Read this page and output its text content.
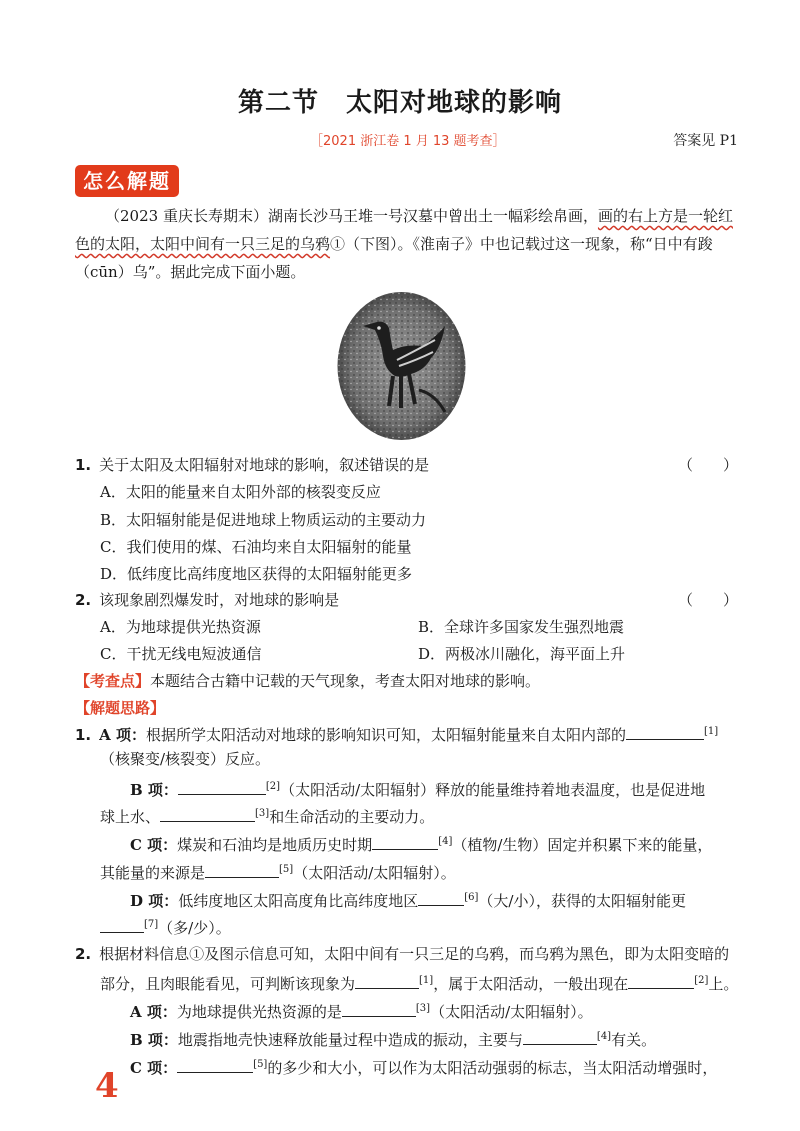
第二节　太阳对地球的影响
［2021 浙江卷 1 月 13 题考查］	答案见 P1
怎么解题
（2023 重庆长寿期末）湖南长沙马王堆一号汉墓中曾出土一幅彩绘帛画，画的右上方是一轮红色的太阳，太阳中间有一只三足的乌鸦①（下图）。《淮南子》中也记载过这一现象，称“日中有踆（cūn）乌”。据此完成下面小题。
1. 关于太阳及太阳辐射对地球的影响，叙述错误的是	（　　）
A．太阳的能量来自太阳外部的核裂变反应
B．太阳辐射能是促进地球上物质运动的主要动力
C．我们使用的煤、石油均来自太阳辐射的能量
D．低纬度比高纬度地区获得的太阳辐射能更多
2. 该现象剧烈爆发时，对地球的影响是	（　　）
A．为地球提供光热资源	B．全球许多国家发生强烈地震
C．干扰无线电短波通信	D．两极冰川融化，海平面上升
【考查点】本题结合古籍中记载的天气现象，考查太阳对地球的影响。
【解题思路】
1. A 项：根据所学太阳活动对地球的影响知识可知，太阳辐射能量来自太阳内部的	[1]
（核聚变/核裂变）反应。
B 项：	[2]（太阳活动/太阳辐射）释放的能量维持着地表温度，也是促进地
球上水、	[3]和生命活动的主要动力。
C 项：煤炭和石油均是地质历史时期	[4]（植物/生物）固定并积累下来的能量，
其能量的来源是	[5]（太阳活动/太阳辐射）。
D 项：低纬度地区太阳高度角比高纬度地区	[6]（大/小），获得的太阳辐射能更
[7]（多/少）。
2. 根据材料信息①及图示信息可知，太阳中间有一只三足的乌鸦，而乌鸦为黑色，即为太阳变暗的
部分，且肉眼能看见，可判断该现象为	[1]，属于太阳活动，一般出现在	[2]上。
A 项：为地球提供光热资源的是	[3]（太阳活动/太阳辐射）。
B 项：地震指地壳快速释放能量过程中造成的振动，主要与	[4]有关。
C 项：	[5]的多少和大小，可以作为太阳活动强弱的标志，当太阳活动增强时，
4
